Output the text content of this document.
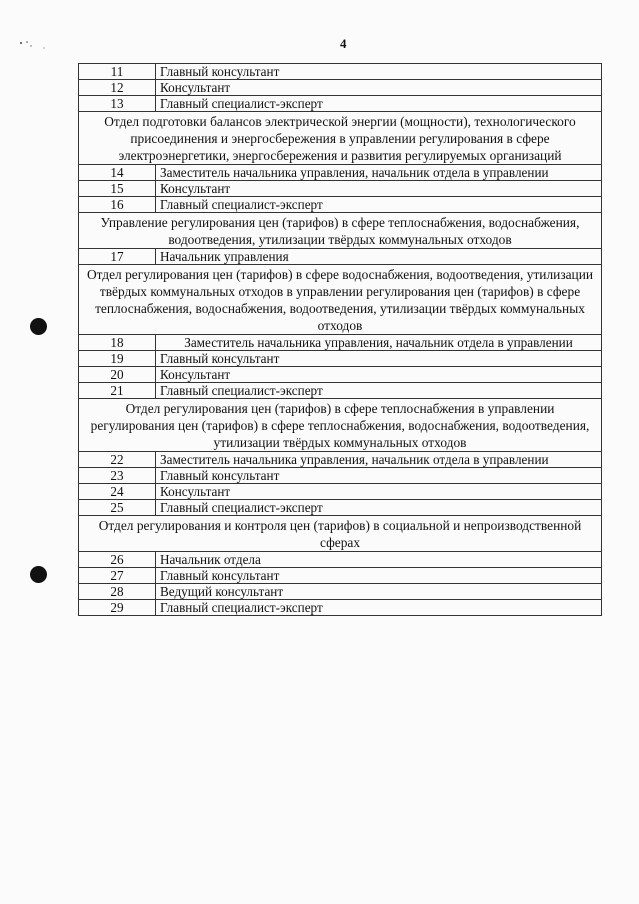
4
11	Главный консультант
12	Консультант
13	Главный специалист-эксперт
Отдел подготовки балансов электрической энергии (мощности), технологического присоединения и энергосбережения в управлении регулирования в сфере электроэнергетики, энергосбережения и развития регулируемых организаций	
14	Заместитель начальника управления, начальник отдела в управлении
15	Консультант
16	Главный специалист-эксперт
Управление регулирования цен (тарифов) в сфере теплоснабжения, водоснабжения, водоотведения, утилизации твёрдых коммунальных отходов	
17	Начальник управления
Отдел регулирования цен (тарифов) в сфере водоснабжения, водоотведения, утилизации твёрдых коммунальных отходов в управлении регулирования цен (тарифов) в сфере теплоснабжения, водоснабжения, водоотведения, утилизации твёрдых коммунальных отходов	
18	Заместитель начальника управления, начальник отдела в управлении
19	Главный консультант
20	Консультант
21	Главный специалист-эксперт
Отдел регулирования цен (тарифов) в сфере теплоснабжения в управлении регулирования цен (тарифов) в сфере теплоснабжения, водоснабжения, водоотведения, утилизации твёрдых коммунальных отходов	
22	Заместитель начальника управления, начальник отдела в управлении
23	Главный консультант
24	Консультант
25	Главный специалист-эксперт
Отдел регулирования и контроля цен (тарифов) в социальной и непроизводственной сферах	
26	Начальник отдела
27	Главный консультант
28	Ведущий консультант
29	Главный специалист-эксперт
